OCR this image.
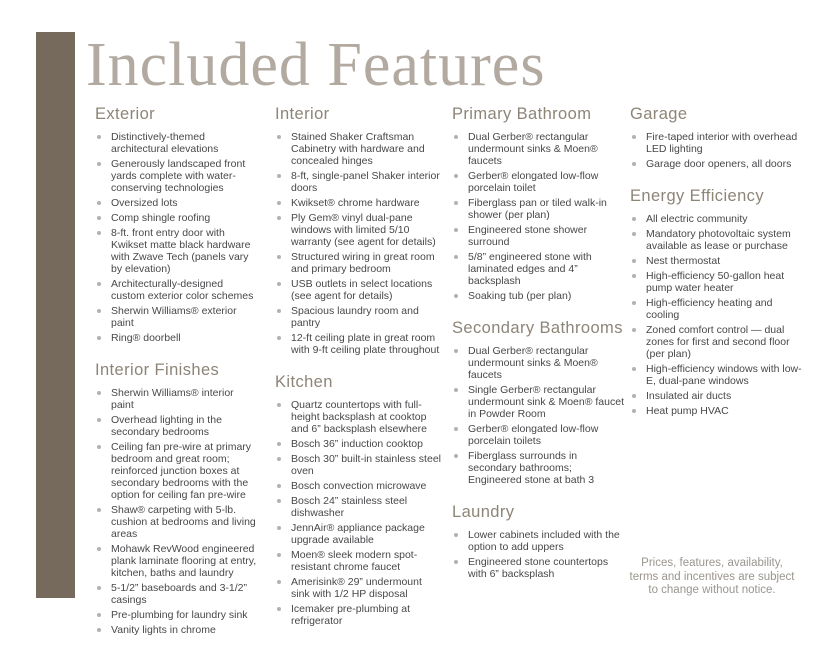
Included Features
Exterior
Distinctively-themed architectural elevations
Generously landscaped front yards complete with water-conserving technologies
Oversized lots
Comp shingle roofing
8-ft. front entry door with Kwikset matte black hardware with Zwave Tech (panels vary by elevation)
Architecturally-designed custom exterior color schemes
Sherwin Williams® exterior paint
Ring® doorbell
Interior Finishes
Sherwin Williams® interior paint
Overhead lighting in the secondary bedrooms
Ceiling fan pre-wire at primary bedroom and great room; reinforced junction boxes at secondary bedrooms with the option for ceiling fan pre-wire
Shaw® carpeting with 5-lb. cushion at bedrooms and living areas
Mohawk RevWood engineered plank laminate flooring at entry, kitchen, baths and laundry
5-1/2” baseboards and 3-1/2” casings
Pre-plumbing for laundry sink
Vanity lights in chrome
Interior
Stained Shaker Craftsman Cabinetry with hardware and concealed hinges
8-ft, single-panel Shaker interior doors
Kwikset® chrome hardware
Ply Gem® vinyl dual-pane windows with limited 5/10 warranty (see agent for details)
Structured wiring in great room and primary bedroom
USB outlets in select locations (see agent for details)
Spacious laundry room and pantry
12-ft ceiling plate in great room with 9-ft ceiling plate throughout
Kitchen
Quartz countertops with full-height backsplash at cooktop and 6” backsplash elsewhere
Bosch 36” induction cooktop
Bosch 30” built-in stainless steel oven
Bosch convection microwave
Bosch 24” stainless steel dishwasher
JennAir® appliance package upgrade available
Moen® sleek modern spot-resistant chrome faucet
Amerisink® 29” undermount sink with 1/2 HP disposal
Icemaker pre-plumbing at refrigerator
Primary Bathroom
Dual Gerber® rectangular undermount sinks & Moen® faucets
Gerber® elongated low-flow porcelain toilet
Fiberglass pan or tiled walk-in shower (per plan)
Engineered stone shower surround
5/8” engineered stone with laminated edges and 4” backsplash
Soaking tub (per plan)
Secondary Bathrooms
Dual Gerber® rectangular undermount sinks & Moen® faucets
Single Gerber® rectangular undermount sink & Moen® faucet in Powder Room
Gerber® elongated low-flow porcelain toilets
Fiberglass surrounds in secondary bathrooms; Engineered stone at bath 3
Laundry
Lower cabinets included with the option to add uppers
Engineered stone countertops with 6” backsplash
Garage
Fire-taped interior with overhead LED lighting
Garage door openers, all doors
Energy Efficiency
All electric community
Mandatory photovoltaic system available as lease or purchase
Nest thermostat
High-efficiency 50-gallon heat pump water heater
High-efficiency heating and cooling
Zoned comfort control — dual zones for first and second floor (per plan)
High-efficiency windows with low-E, dual-pane windows
Insulated air ducts
Heat pump HVAC
Prices, features, availability,
terms and incentives are subject
to change without notice.
